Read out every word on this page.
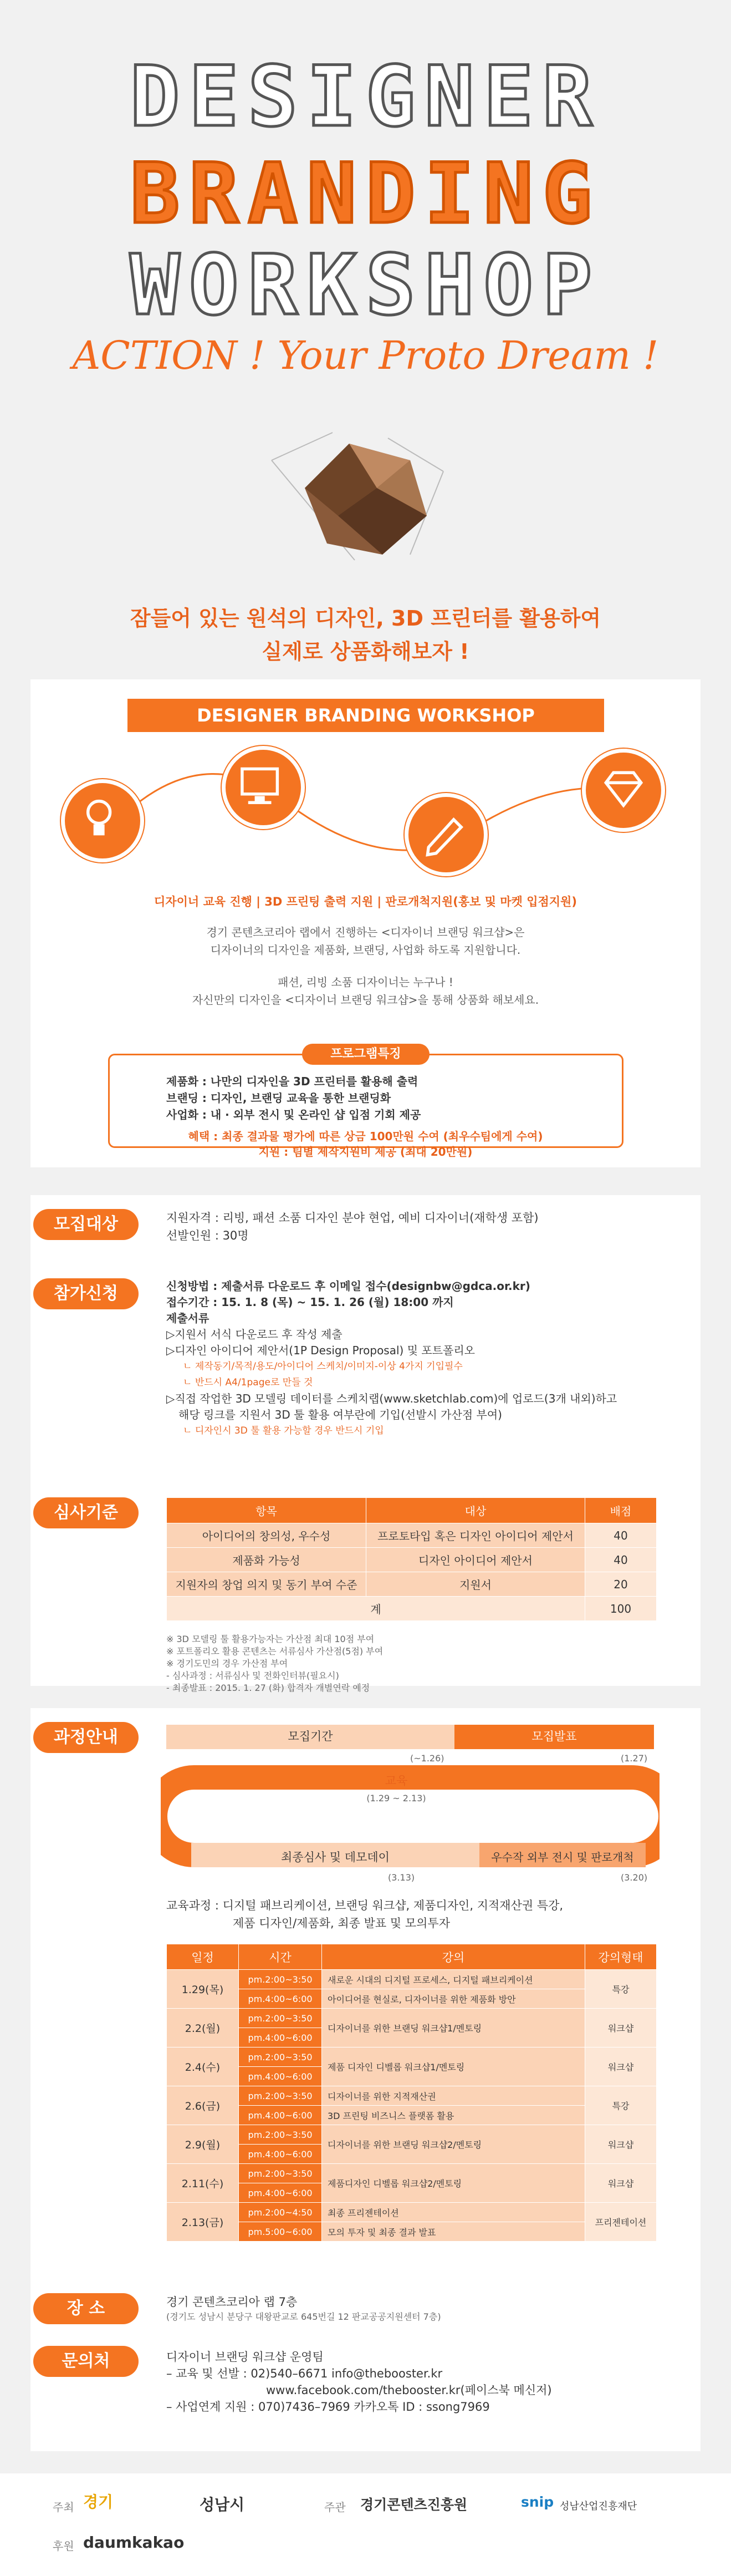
DESIGNER
BRANDING
WORKSHOP
ACTION ! Your Proto Dream !
잠들어 있는 원석의 디자인, 3D 프린터를 활용하여
실제로 상품화해보자 !
DESIGNER BRANDING WORKSHOP
디자이너 교육 진행 | 3D 프린팅 출력 지원 | 판로개척지원(홍보 및 마켓 입점지원)
경기 콘텐츠코리아 랩에서 진행하는 <디자이너 브랜딩 워크샵>은
디자이너의 디자인을 제품화, 브랜딩, 사업화 하도록 지원합니다.
패션, 리빙 소품 디자이너는 누구나 !
자신만의 디자인을 <디자이너 브랜딩 워크샵>을 통해 상품화 해보세요.
프로그램특징
제품화 : 나만의 디자인을 3D 프린터를 활용해 출력
브랜딩 : 디자인, 브랜딩 교육을 통한 브랜딩화
사업화 : 내 · 외부 전시 및 온라인 샵 입점 기회 제공
혜택 : 최종 결과물 평가에 따른 상금 100만원 수여 (최우수팀에게 수여)
지원 : 팀별 제작지원비 제공 (최대 20만원)
모집대상	지원자격 : 리빙, 패션 소품 디자인 분야 현업, 예비 디자이너(재학생 포함)
선발인원 : 30명
참가신청	신청방법 : 제출서류 다운로드 후 이메일 접수(designbw@gdca.or.kr)
접수기간 : 15. 1. 8 (목) ~ 15. 1. 26 (월) 18:00 까지
제출서류
▷지원서 서식 다운로드 후 작성 제출
▷디자인 아이디어 제안서(1P Design Proposal) 및 포트폴리오
ㄴ 제작동기/목적/용도/아이디어 스케치/이미지-이상 4가지 기입필수
ㄴ 반드시 A4/1page로 만들 것
▷직접 작업한 3D 모델링 데이터를 스케치랩(www.sketchlab.com)에 업로드(3개 내외)하고
해당 링크를 지원서 3D 툴 활용 여부란에 기입(선발시 가산점 부여)
ㄴ 디자인시 3D 툴 활용 가능할 경우 반드시 기입
심사기준	항목	대상	배점
아이디어의 창의성, 우수성	프로토타입 혹은 디자인 아이디어 제안서	40
제품화 가능성	디자인 아이디어 제안서	40
지원자의 창업 의지 및 동기 부여 수준	지원서	20
계		100
※ 3D 모델링 툴 활용가능자는 가산점 최대 10점 부여
※ 포트폴리오 활용 콘텐츠는 서류심사 가산점(5점) 부여
※ 경기도민의 경우 가산점 부여
- 심사과정 : 서류심사 및 전화인터뷰(필요시)
- 최종발표 : 2015. 1. 27 (화) 합격자 개별연락 예정
과정안내	모집기간
(~1.26)
모집발표
(1.27)
교육
(1.29 ~ 2.13)
최종심사 및 데모데이
(3.13)
우수작 외부 전시 및 판로개척
(3.20)
교육과정 : 디지털 패브리케이션, 브랜딩 워크샵, 제품디자인, 지적재산권 특강,
제품 디자인/제품화, 최종 발표 및 모의투자
일정	시간	강의	강의형태
1.29(목)	pm.2:00~3:50	새로운 시대의 디지털 프로세스, 디지털 패브리케이션	특강
	pm.4:00~6:00	아이디어를 현실로, 디자이너를 위한 제품화 방안	
2.2(월)	pm.2:00~3:50	디자이너를 위한 브랜딩 워크샵1/멘토링	워크샵
	pm.4:00~6:00		
2.4(수)	pm.2:00~3:50	제품 디자인 디벨롭 워크샵1/멘토링	워크샵
	pm.4:00~6:00		
2.6(금)	pm.2:00~3:50	디자이너를 위한 지적재산권	특강
	pm.4:00~6:00	3D 프린팅 비즈니스 플랫폼 활용	
2.9(월)	pm.2:00~3:50	디자이너를 위한 브랜딩 워크샵2/멘토링	워크샵
	pm.4:00~6:00		
2.11(수)	pm.2:00~3:50	제품디자인 디벨롭 워크샵2/멘토링	워크샵
	pm.4:00~6:00		
2.13(금)	pm.2:00~4:50	최종 프리젠테이션	프리젠테이션
	pm.5:00~6:00	모의 투자 및 최종 결과 발표	
장 소	경기 콘텐츠코리아 랩 7층
(경기도 성남시 분당구 대왕판교로 645번길 12 판교공공지원센터 7층)
문의처	디자이너 브랜딩 워크샵 운영팀
– 교육 및 선발 : 02)540–6671 info@thebooster.kr
www.facebook.com/thebooster.kr(페이스북 메신저)
– 사업연계 지원 : 070)7436–7969 카카오톡 ID : ssong7969
주최 경기	성남시	주관 경기콘텐츠진흥원	snip 성남산업진흥재단
후원 daumkakao
